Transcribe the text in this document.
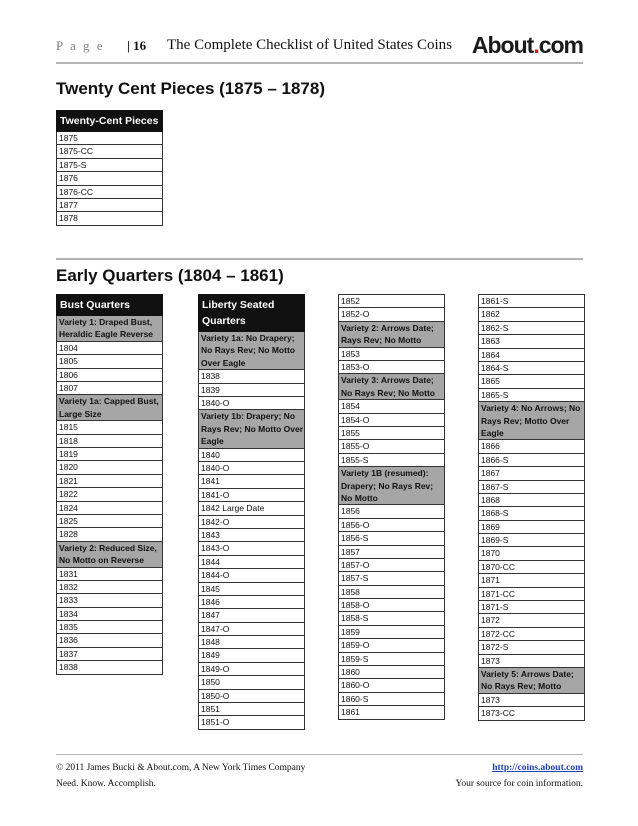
P a g e
|	16 The Complete Checklist of United States Coins About.com
Twenty Cent Pieces (1875 – 1878)
Twenty-Cent Pieces
1875
1875-CC
1875-S
1876
1876-CC
1877
1878
Early Quarters (1804 – 1861)
Bust Quarters
Variety 1: Draped Bust, Heraldic Eagle Reverse
1804
1805
1806
1807
Variety 1a: Capped Bust, Large Size
1815
1818
1819
1820
1821
1822
1824
1825
1828
Variety 2: Reduced Size, No Motto on Reverse
1831
1832
1833
1834
1835
1836
1837
1838
Liberty Seated Quarters
Variety 1a: No Drapery; No Rays Rev; No Motto Over Eagle
1838
1839
1840-O
Variety 1b: Drapery; No Rays Rev; No Motto Over Eagle
1840
1840-O
1841
1841-O
1842 Large Date
1842-O
1843
1843-O
1844
1844-O
1845
1846
1847
1847-O
1848
1849
1849-O
1850
1850-O
1851
1851-O
1852
1852-O
Variety 2: Arrows Date; Rays Rev; No Motto
1853
1853-O
Variety 3: Arrows Date; No Rays Rev; No Motto
1854
1854-O
1855
1855-O
1855-S
Variety 1B (resumed): Drapery; No Rays Rev; No Motto
1856
1856-O
1856-S
1857
1857-O
1857-S
1858
1858-O
1858-S
1859
1859-O
1859-S
1860
1860-O
1860-S
1861
1861-S
1862
1862-S
1863
1864
1864-S
1865
1865-S
Variety 4: No Arrows; No Rays Rev; Motto Over Eagle
1866
1866-S
1867
1867-S
1868
1868-S
1869
1869-S
1870
1870-CC
1871
1871-CC
1871-S
1872
1872-CC
1872-S
1873
Variety 5: Arrows Date; No Rays Rev; Motto
1873
1873-CC
© 2011 James Bucki & About.com, A New York Times Company
Need. Know. Accomplish.
http://coins.about.com
Your source for coin information.
